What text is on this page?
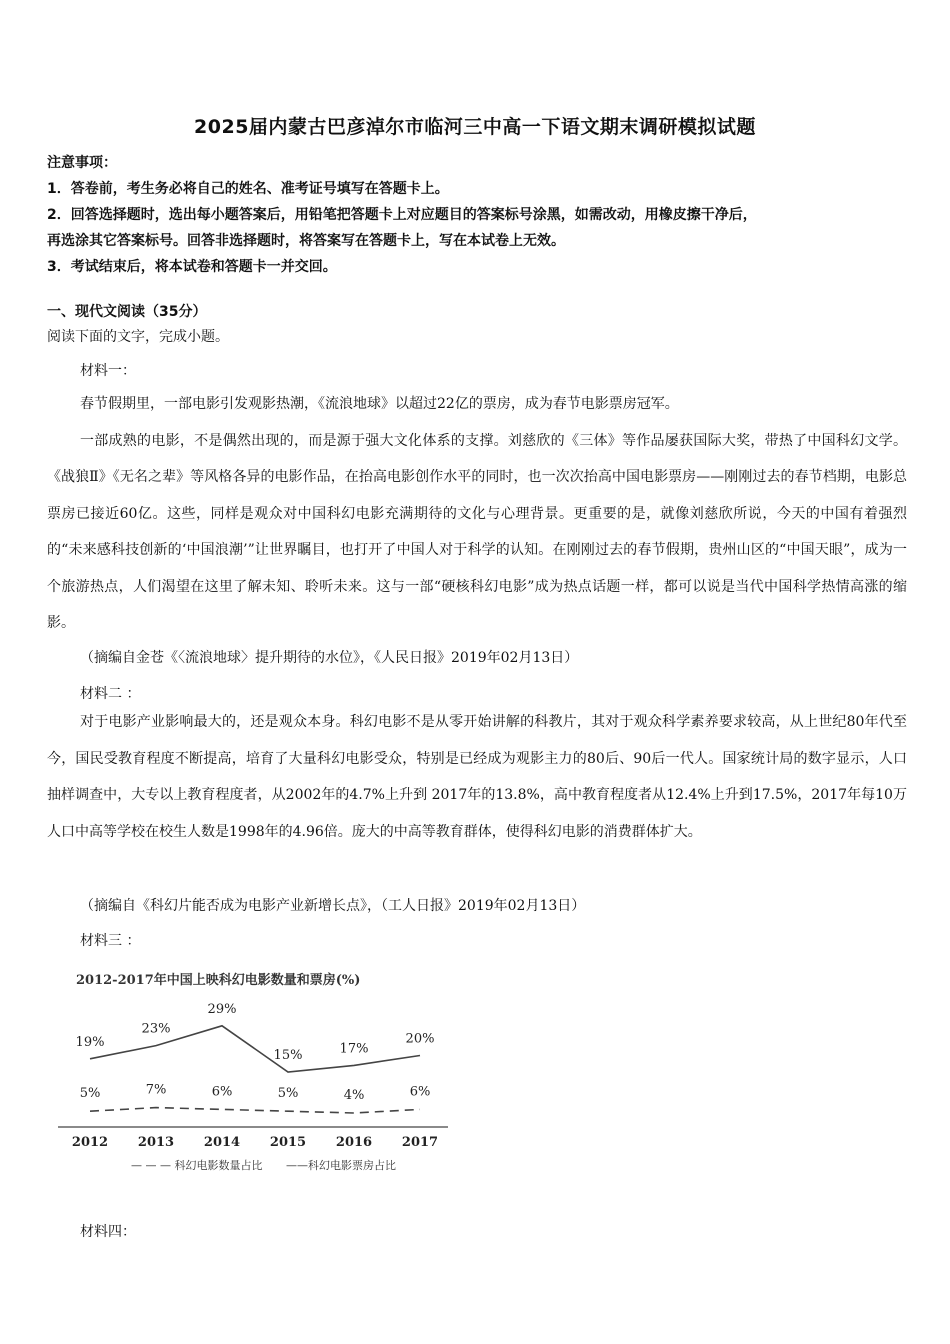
2025届内蒙古巴彦淖尔市临河三中高一下语文期末调研模拟试题
注意事项：
1．答卷前，考生务必将自己的姓名、准考证号填写在答题卡上。
2．回答选择题时，选出每小题答案后，用铅笔把答题卡上对应题目的答案标号涂黑，如需改动，用橡皮擦干净后，
再选涂其它答案标号。回答非选择题时，将答案写在答题卡上，写在本试卷上无效。
3．考试结束后，将本试卷和答题卡一并交回。
一、现代文阅读（35分）
阅读下面的文字，完成小题。
材料一：

春节假期里，一部电影引发观影热潮，《流浪地球》以超过22亿的票房，成为春节电影票房冠军。

一部成熟的电影，不是偶然出现的，而是源于强大文化体系的支撑。刘慈欣的《三体》等作品屡获国际大奖，带热了中国科幻文学。《战狼Ⅱ》《无名之辈》等风格各异的电影作品，在抬高电影创作水平的同时，也一次次抬高中国电影票房——刚刚过去的春节档期，电影总票房已接近60亿。这些，同样是观众对中国科幻电影充满期待的文化与心理背景。更重要的是，就像刘慈欣所说，今天的中国有着强烈的“未来感科技创新的‘中国浪潮’”让世界瞩目，也打开了中国人对于科学的认知。在刚刚过去的春节假期，贵州山区的“中国天眼”，成为一个旅游热点，人们渴望在这里了解未知、聆听未来。这与一部“硬核科幻电影”成为热点话题一样，都可以说是当代中国科学热情高涨的缩影。

（摘编自金苍《〈流浪地球〉提升期待的水位》，《人民日报》2019年02月13日）
材料二 ：

对于电影产业影响最大的，还是观众本身。科幻电影不是从零开始讲解的科教片，其对于观众科学素养要求较高，从上世纪80年代至今，国民受教育程度不断提高，培育了大量科幻电影受众，特别是已经成为观影主力的80后、90后一代人。国家统计局的数字显示，人口抽样调查中，大专以上教育程度者，从2002年的4.7%上升到 2017年的13.8%，高中教育程度者从12.4%上升到17.5%，2017年每10万人口中高等学校在校生人数是1998年的4.96倍。庞大的中高等教育群体，使得科幻电影的消费群体扩大。

（摘编自《科幻片能否成为电影产业新增长点》，（工人日报》2019年02月13日）
材料三 ：
2012-2017年中国上映科幻电影数量和票房(%)
19%
23%
29%
15%	17%
20%
5%	7%	6%	5%	4%	6%
2012 2013 2014 2015 2016 2017
— — — 科幻电影数量占比 ——科幻电影票房占比
材料四：
